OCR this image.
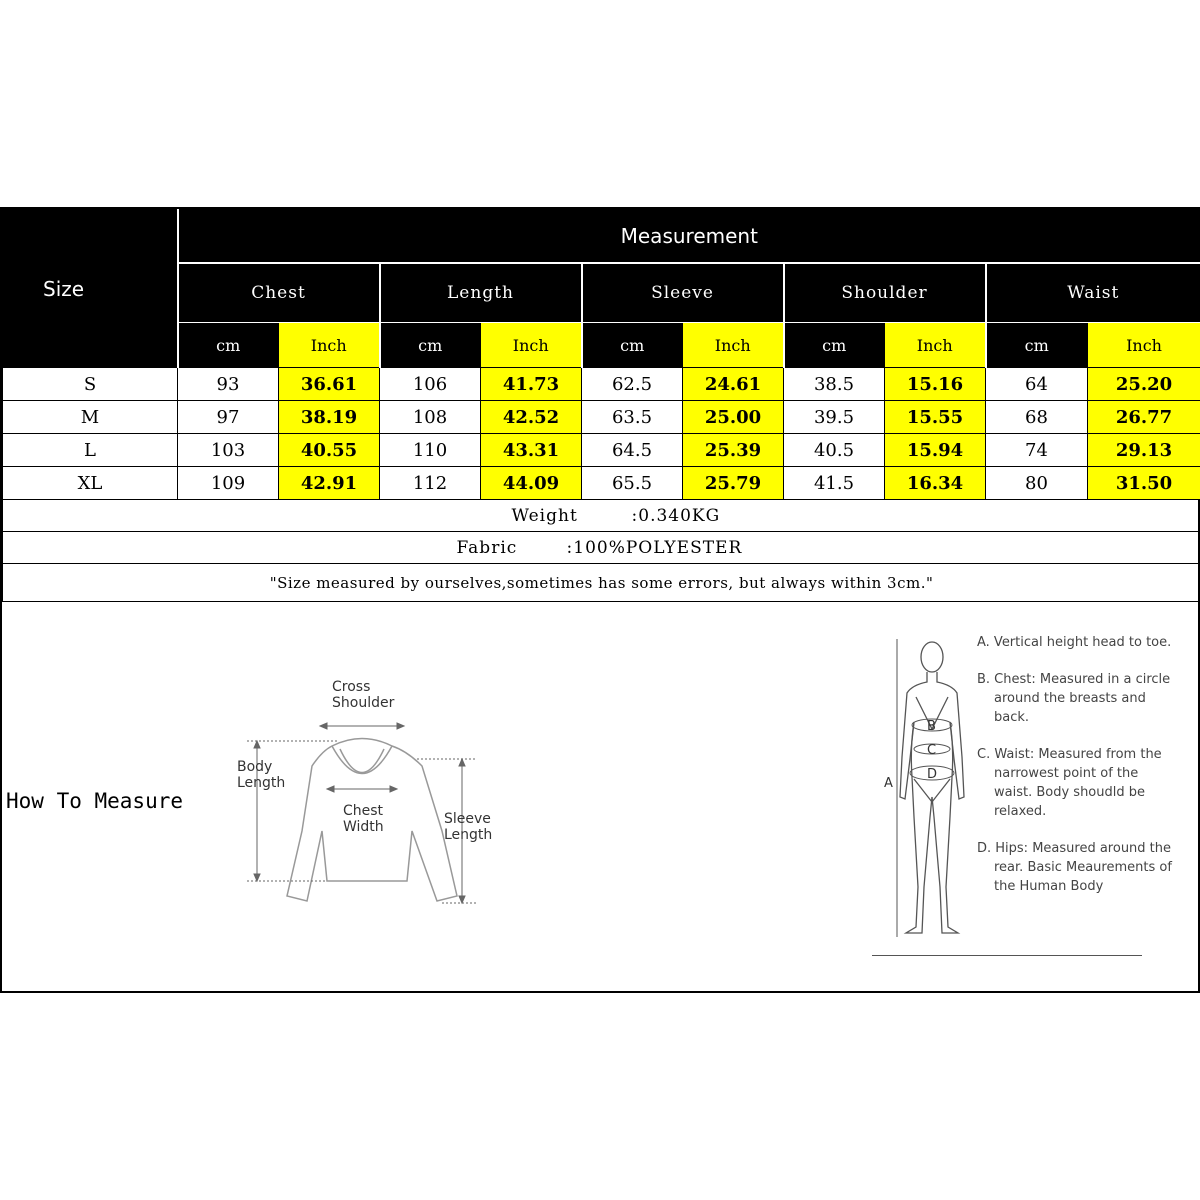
Size	Measurement									
	Chest		Length		Sleeve		Shoulder		Waist	
	cm	Inch	cm	Inch	cm	Inch	cm	Inch	cm	Inch
S	93	36.61	106	41.73	62.5	24.61	38.5	15.16	64	25.20
M	97	38.19	108	42.52	63.5	25.00	39.5	15.55	68	26.77
L	103	40.55	110	43.31	64.5	25.39	40.5	15.94	74	29.13
XL	109	42.91	112	44.09	65.5	25.79	41.5	16.34	80	31.50
Weight :0.340KG										
Fabric :100%POLYESTER										
"Size measured by ourselves,sometimes has some errors, but always within 3cm."										
How To Measure
Cross
Shoulder
Body
Length
Chest
Width	Sleeve
Length
B
C
D
A

A. Vertical height head to toe.

B. Chest: Measured in a circle around the breasts and back.

C. Waist: Measured from the narrowest point of the waist. Body shoudld be relaxed.

D. Hips: Measured around the rear. Basic Meaurements of the Human Body
